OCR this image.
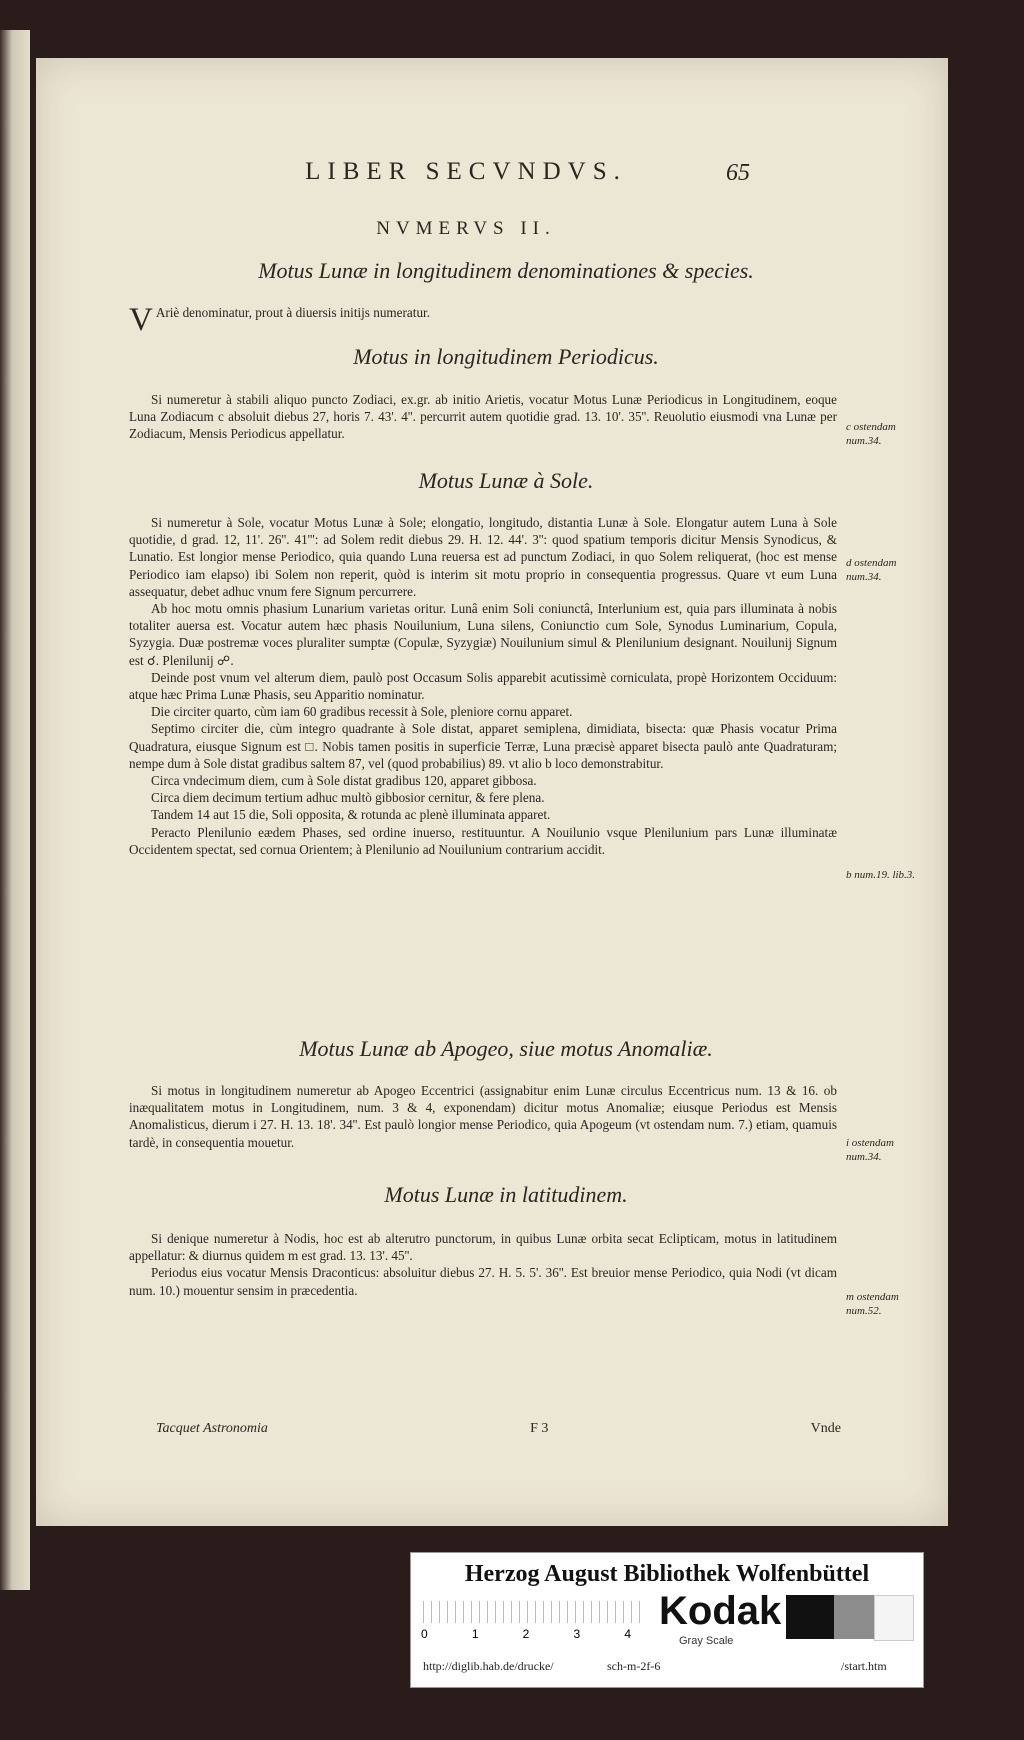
LIBER SECVNDVS.	65
NVMERVS II.
Motus Lunæ in longitudinem denominationes & species.
V Ariè denominatur, prout à diuersis initijs numeratur.
Motus in longitudinem Periodicus.

Si numeretur à stabili aliquo puncto Zodiaci, ex.gr. ab initio Arietis, vocatur Motus Lunæ Periodicus in Longitudinem, eoque Luna Zodiacum c absoluit diebus 27, horis 7. 43'. 4''. percurrit autem quotidie grad. 13. 10'. 35''. Reuolutio eiusmodi vna Lunæ per Zodiacum, Mensis Periodicus appellatur.

Motus Lunæ à Sole.

Si numeretur à Sole, vocatur Motus Lunæ à Sole; elongatio, longitudo, distantia Lunæ à Sole. Elongatur autem Luna à Sole quotidie, d grad. 12, 11'. 26''. 41''': ad Solem redit diebus 29. H. 12. 44'. 3'': quod spatium temporis dicitur Mensis Synodicus, & Lunatio. Est longior mense Periodico, quia quando Luna reuersa est ad punctum Zodiaci, in quo Solem reliquerat, (hoc est mense Periodico iam elapso) ibi Solem non reperit, quòd is interim sit motu proprio in consequentia progressus. Quare vt eum Luna assequatur, debet adhuc vnum fere Signum percurrere.

Ab hoc motu omnis phasium Lunarium varietas oritur. Lunâ enim Soli coniunctâ, Interlunium est, quia pars illuminata à nobis totaliter auersa est. Vocatur autem hæc phasis Nouilunium, Luna silens, Coniunctio cum Sole, Synodus Luminarium, Copula, Syzygia. Duæ postremæ voces pluraliter sumptæ (Copulæ, Syzygiæ) Nouilunium simul & Plenilunium designant. Nouilunij Signum est ☌. Plenilunij ☍.

Deinde post vnum vel alterum diem, paulò post Occasum Solis apparebit acutissimè corniculata, propè Horizontem Occiduum: atque hæc Prima Lunæ Phasis, seu Apparitio nominatur.

Die circiter quarto, cùm iam 60 gradibus recessit à Sole, pleniore cornu apparet.

Septimo circiter die, cùm integro quadrante à Sole distat, apparet semiplena, dimidiata, bisecta: quæ Phasis vocatur Prima Quadratura, eiusque Signum est □. Nobis tamen positis in superficie Terræ, Luna præcisè apparet bisecta paulò ante Quadraturam; nempe dum à Sole distat gradibus saltem 87, vel (quod probabilius) 89. vt alio b loco demonstrabitur.

Circa vndecimum diem, cum à Sole distat gradibus 120, apparet gibbosa.

Circa diem decimum tertium adhuc multò gibbosior cernitur, & fere plena.

Tandem 14 aut 15 die, Soli opposita, & rotunda ac plenè illuminata apparet.

Peracto Plenilunio eædem Phases, sed ordine inuerso, restituuntur. A Nouilunio vsque Plenilunium pars Lunæ illuminatæ Occidentem spectat, sed cornua Orientem; à Plenilunio ad Nouilunium contrarium accidit.

Motus Lunæ ab Apogeo, siue motus Anomaliæ.

Si motus in longitudinem numeretur ab Apogeo Eccentrici (assignabitur enim Lunæ circulus Eccentricus num. 13 & 16. ob inæqualitatem motus in Longitudinem, num. 3 & 4, exponendam) dicitur motus Anomaliæ; eiusque Periodus est Mensis Anomalisticus, dierum i 27. H. 13. 18'. 34''. Est paulò longior mense Periodico, quia Apogeum (vt ostendam num. 7.) etiam, quamuis tardè, in consequentia mouetur.

Motus Lunæ in latitudinem.

Si denique numeretur à Nodis, hoc est ab alterutro punctorum, in quibus Lunæ orbita secat Eclipticam, motus in latitudinem appellatur: & diurnus quidem m est grad. 13. 13'. 45''.

Periodus eius vocatur Mensis Draconticus: absoluitur diebus 27. H. 5. 5'. 36''. Est breuior mense Periodico, quia Nodi (vt dicam num. 10.) mouentur sensim in præcedentia.

c ostendam num.34.
d ostendam num.34.
b num.19. lib.3.
i ostendam num.34.
m ostendam num.52.
Tacquet Astronomia	F 3	Vnde
Herzog August Bibliothek Wolfenbüttel
0	1	2	3	4
Kodak
Gray Scale
http://diglib.hab.de/drucke/	sch-m-2f-6	/start.htm
